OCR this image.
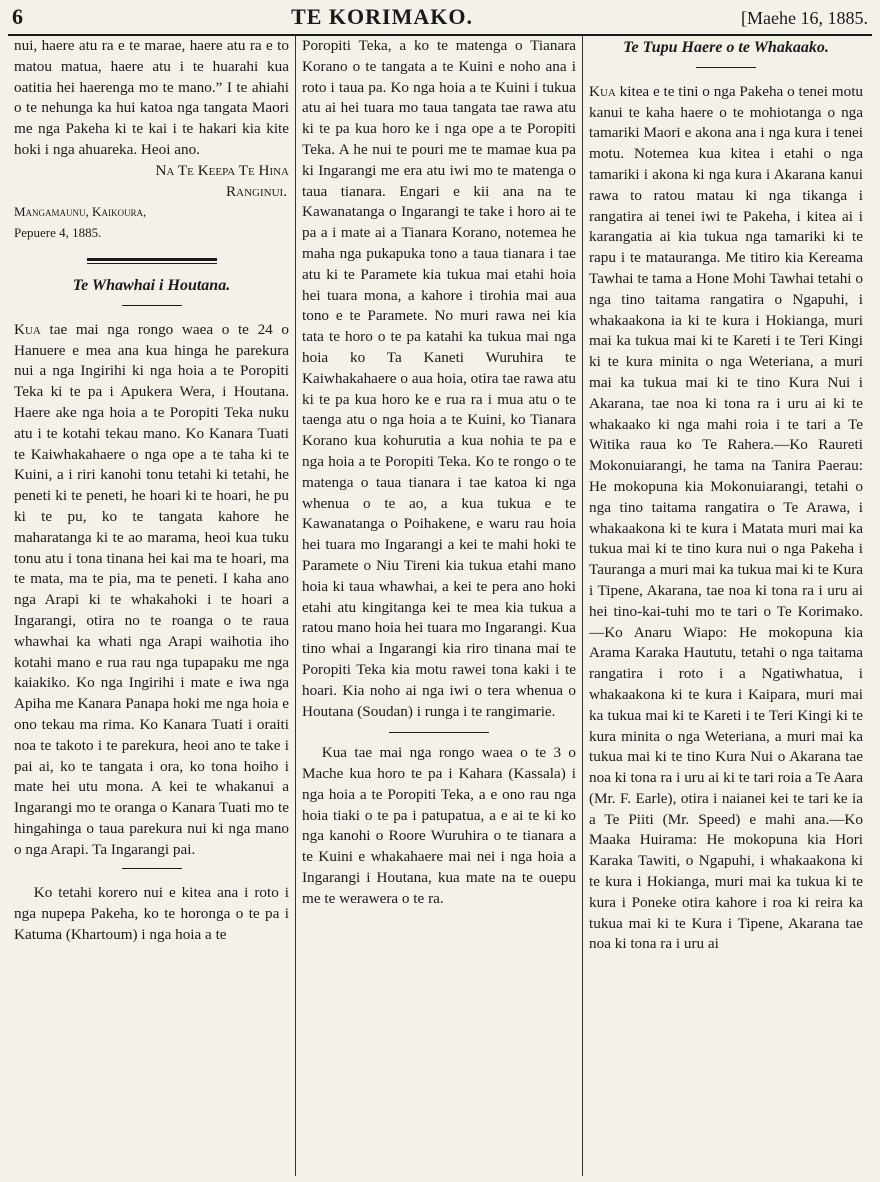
6	TE KORIMAKO.	[Maehe 16, 1885.

nui, haere atu ra e te marae, haere atu ra e to matou matua, haere atu i te huarahi kua oatitia hei haerenga mo te mano.” I te ahiahi o te nehunga ka hui katoa nga tangata Maori me nga Pakeha ki te kai i te hakari kia kite hoki i nga ahuareka. Heoi ano.

Na Te Keepa Te Hina

Ranginui.

Mangamaunu, Kaikoura,

Pepuere 4, 1885.

Te Whawhai i Houtana.

Kua tae mai nga rongo waea o te 24 o Hanuere e mea ana kua hinga he parekura nui a nga Ingirihi ki nga hoia a te Poropiti Teka ki te pa i Apukera Wera, i Houtana. Haere ake nga hoia a te Poropiti Teka nuku atu i te kotahi tekau mano. Ko Kanara Tuati te Kaiwhakahaere o nga ope a te taha ki te Kuini, a i riri kanohi tonu tetahi ki tetahi, he peneti ki te peneti, he hoari ki te hoari, he pu ki te pu, ko te tangata kahore he maharatanga ki te ao marama, heoi kua tuku tonu atu i tona tinana hei kai ma te hoari, ma te mata, ma te pia, ma te peneti. I kaha ano nga Arapi ki te whakahoki i te hoari a Ingarangi, otira no te roanga o te raua whawhai ka whati nga Arapi waihotia iho kotahi mano e rua rau nga tupapaku me nga kaiakiko. Ko nga Ingirihi i mate e iwa nga Apiha me Kanara Panapa hoki me nga hoia e ono tekau ma rima. Ko Kanara Tuati i oraiti noa te takoto i te parekura, heoi ano te take i pai ai, ko te tangata i ora, ko tona hoiho i mate hei utu mona. A kei te whakanui a Ingarangi mo te oranga o Kanara Tuati mo te hingahinga o taua parekura nui ki nga mano o nga Arapi. Ta Ingarangi pai.

Ko tetahi korero nui e kitea ana i roto i nga nupepa Pakeha, ko te horonga o te pa i Katuma (Khartoum) i nga hoia a te

Poropiti Teka, a ko te matenga o Tianara Korano o te tangata a te Kuini e noho ana i roto i taua pa. Ko nga hoia a te Kuini i tukua atu ai hei tuara mo taua tangata tae rawa atu ki te pa kua horo ke i nga ope a te Poropiti Teka. A he nui te pouri me te mamae kua pa ki Ingarangi me era atu iwi mo te matenga o taua tianara. Engari e kii ana na te Kawanatanga o Ingarangi te take i horo ai te pa a i mate ai a Tianara Korano, notemea he maha nga pukapuka tono a taua tianara i tae atu ki te Paramete kia tukua mai etahi hoia hei tuara mona, a kahore i tirohia mai aua tono e te Paramete. No muri rawa nei kia tata te horo o te pa katahi ka tukua mai nga hoia ko Ta Kaneti Wuruhira te Kaiwhakahaere o aua hoia, otira tae rawa atu ki te pa kua horo ke e rua ra i mua atu o te taenga atu o nga hoia a te Kuini, ko Tianara Korano kua kohurutia a kua nohia te pa e nga hoia a te Poropiti Teka. Ko te rongo o te matenga o taua tianara i tae katoa ki nga whenua o te ao, a kua tukua e te Kawanatanga o Poihakene, e waru rau hoia hei tuara mo Ingarangi a kei te mahi hoki te Paramete o Niu Tireni kia tukua etahi mano hoia ki taua whawhai, a kei te pera ano hoki etahi atu kingitanga kei te mea kia tukua a ratou mano hoia hei tuara mo Ingarangi. Kua tino whai a Ingarangi kia riro tinana mai te Poropiti Teka kia motu rawei tona kaki i te hoari. Kia noho ai nga iwi o tera whenua o Houtana (Soudan) i runga i te rangimarie.

Kua tae mai nga rongo waea o te 3 o Mache kua horo te pa i Kahara (Kassala) i nga hoia a te Poropiti Teka, a e ono rau nga hoia tiaki o te pa i patupatua, a e ai te ki ko nga kanohi o Roore Wuruhira o te tianara a te Kuini e whakahaere mai nei i nga hoia a Ingarangi i Houtana, kua mate na te ouepu me te werawera o te ra.

Te Tupu Haere o te Whakaako.

Kua kitea e te tini o nga Pakeha o tenei motu kanui te kaha haere o te mohiotanga o nga tamariki Maori e akona ana i nga kura i tenei motu. Notemea kua kitea i etahi o nga tamariki i akona ki nga kura i Akarana kanui rawa to ratou matau ki nga tikanga i rangatira ai tenei iwi te Pakeha, i kitea ai i karangatia ai kia tukua nga tamariki ki te rapu i te matauranga. Me titiro kia Kereama Tawhai te tama a Hone Mohi Tawhai tetahi o nga tino taitama rangatira o Ngapuhi, i whakaakona ia ki te kura i Hokianga, muri mai ka tukua mai ki te Kareti i te Teri Kingi ki te kura minita o nga Weteriana, a muri mai ka tukua mai ki te tino Kura Nui i Akarana, tae noa ki tona ra i uru ai ki te whakaako ki nga mahi roia i te tari a Te Witika raua ko Te Rahera.—Ko Raureti Mokonuiarangi, he tama na Tanira Paerau: He mokopuna kia Mokonuiarangi, tetahi o nga tino taitama rangatira o Te Arawa, i whakaakona ki te kura i Matata muri mai ka tukua mai ki te tino kura nui o nga Pakeha i Tauranga a muri mai ka tukua mai ki te Kura i Tipene, Akarana, tae noa ki tona ra i uru ai hei tino-kai-tuhi mo te tari o Te Korimako.—Ko Anaru Wiapo: He mokopuna kia Arama Karaka Haututu, tetahi o nga taitama rangatira i roto i a Ngatiwhatua, i whakaakona ki te kura i Kaipara, muri mai ka tukua mai ki te Kareti i te Teri Kingi ki te kura minita o nga Weteriana, a muri mai ka tukua mai ki te tino Kura Nui o Akarana tae noa ki tona ra i uru ai ki te tari roia a Te Aara (Mr. F. Earle), otira i naianei kei te tari ke ia a Te Piiti (Mr. Speed) e mahi ana.—Ko Maaka Huirama: He mokopuna kia Hori Karaka Tawiti, o Ngapuhi, i whakaakona ki te kura i Hokianga, muri mai ka tukua ki te kura i Poneke otira kahore i roa ki reira ka tukua mai ki te Kura i Tipene, Akarana tae noa ki tona ra i uru ai
